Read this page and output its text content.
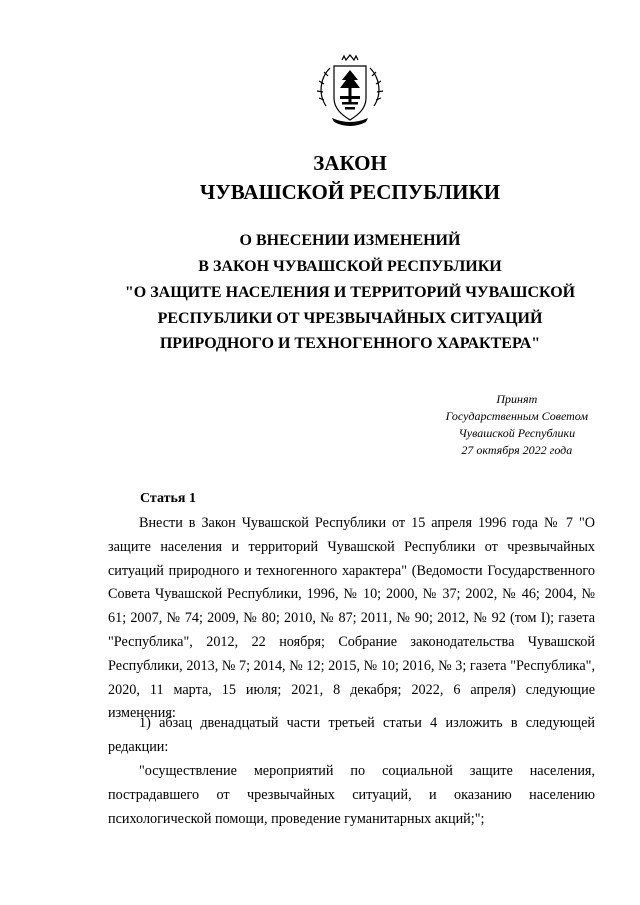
ЗАКОН
ЧУВАШСКОЙ РЕСПУБЛИКИ
О ВНЕСЕНИИ ИЗМЕНЕНИЙ
В ЗАКОН ЧУВАШСКОЙ РЕСПУБЛИКИ
"О ЗАЩИТЕ НАСЕЛЕНИЯ И ТЕРРИТОРИЙ ЧУВАШСКОЙ
РЕСПУБЛИКИ ОТ ЧРЕЗВЫЧАЙНЫХ СИТУАЦИЙ
ПРИРОДНОГО И ТЕХНОГЕННОГО ХАРАКТЕРА"
Принят
Государственным Советом
Чувашской Республики
27 октября 2022 года
Статья 1

Внести в Закон Чувашской Республики от 15 апреля 1996 года № 7 "О защите населения и территорий Чувашской Республики от чрезвычайных ситуаций природного и техногенного характера" (Ведомости Государственного Совета Чувашской Республики, 1996, № 10; 2000, № 37; 2002, № 46; 2004, № 61; 2007, № 74; 2009, № 80; 2010, № 87; 2011, № 90; 2012, № 92 (том I); газета "Республика", 2012, 22 ноября; Собрание законодательства Чувашской Республики, 2013, № 7; 2014, № 12; 2015, № 10; 2016, № 3; газета "Республика", 2020, 11 марта, 15 июля; 2021, 8 декабря; 2022, 6 апреля) следующие изменения:

1) абзац двенадцатый части третьей статьи 4 изложить в следующей редакции:

"осуществление мероприятий по социальной защите населения, пострадавшего от чрезвычайных ситуаций, и оказанию населению психологической помощи, проведение гуманитарных акций;";
